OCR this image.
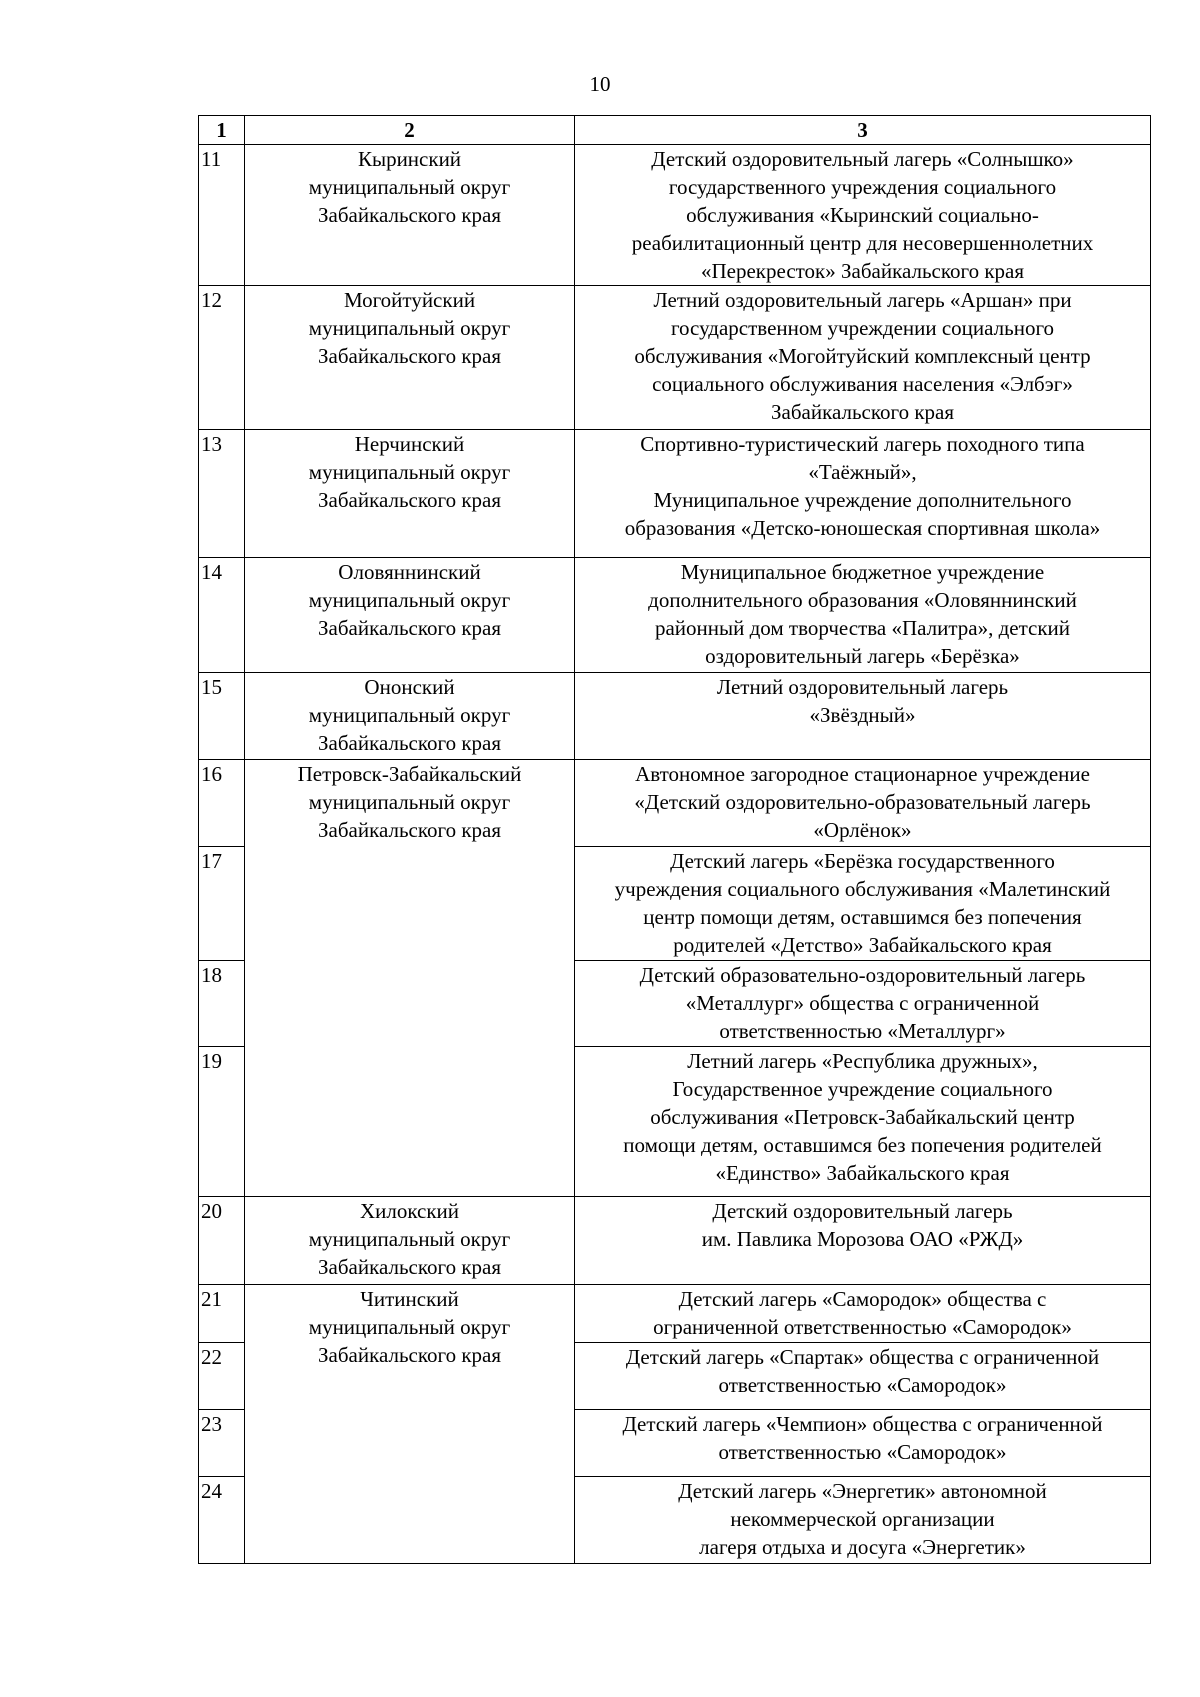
10
1	2	3
11	Кыринский
муниципальный округ
Забайкальского края	Детский оздоровительный лагерь «Солнышко»
государственного учреждения социального
обслуживания «Кыринский социально-
реабилитационный центр для несовершеннолетних
«Перекресток» Забайкальского края

12	Могойтуйский
муниципальный округ
Забайкальского края	Летний оздоровительный лагерь «Аршан» при
государственном учреждении социального
обслуживания «Могойтуйский комплексный центр
социального обслуживания населения «Элбэг»
Забайкальского края

13	Нерчинский
муниципальный округ
Забайкальского края	Спортивно-туристический лагерь походного типа
«Таёжный»,
Муниципальное учреждение дополнительного
образования «Детско-юношеская спортивная школа»

14	Оловяннинский
муниципальный округ
Забайкальского края	Муниципальное бюджетное учреждение
дополнительного образования «Оловяннинский
районный дом творчества «Палитра», детский
оздоровительный лагерь «Берёзка»

15	Ононский
муниципальный округ
Забайкальского края	Летний оздоровительный лагерь
«Звёздный»

16	Петровск-Забайкальский
муниципальный округ
Забайкальского края	Автономное загородное стационарное учреждение
«Детский оздоровительно-образовательный лагерь
«Орлёнок»

17		Детский лагерь «Берёзка государственного
учреждения социального обслуживания «Малетинский
центр помощи детям, оставшимся без попечения
родителей «Детство» Забайкальского края

18		Детский образовательно-оздоровительный лагерь
«Металлург» общества с ограниченной
ответственностью «Металлург»

19		Летний лагерь «Республика дружных»,
Государственное учреждение социального
обслуживания «Петровск-Забайкальский центр
помощи детям, оставшимся без попечения родителей
«Единство» Забайкальского края

20	Хилокский
муниципальный округ
Забайкальского края	Детский оздоровительный лагерь
им. Павлика Морозова ОАО «РЖД»

21	Читинский
муниципальный округ
Забайкальского края	Детский лагерь «Самородок» общества с
ограниченной ответственностью «Самородок»

22		Детский лагерь «Спартак» общества с ограниченной
ответственностью «Самородок»

23		Детский лагерь «Чемпион» общества с ограниченной
ответственностью «Самородок»

24		Детский лагерь «Энергетик» автономной
некоммерческой организации
лагеря отдыха и досуга «Энергетик»
